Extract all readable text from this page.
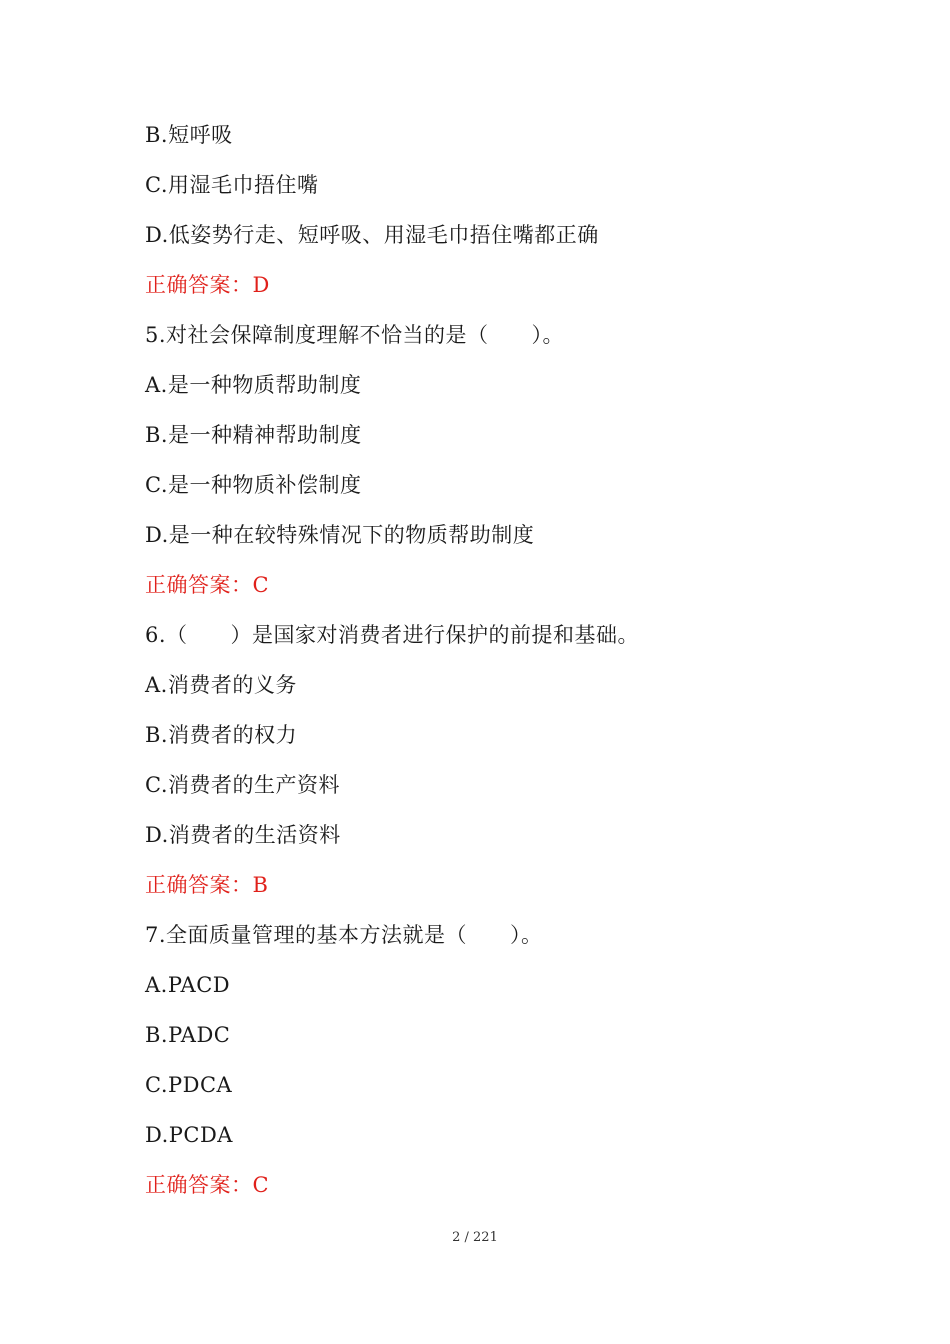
B.短呼吸
C.用湿毛巾捂住嘴
D.低姿势行走、短呼吸、用湿毛巾捂住嘴都正确
正确答案：D
5.对社会保障制度理解不恰当的是（　　）。
A.是一种物质帮助制度
B.是一种精神帮助制度
C.是一种物质补偿制度
D.是一种在较特殊情况下的物质帮助制度
正确答案：C
6.（　　）是国家对消费者进行保护的前提和基础。
A.消费者的义务
B.消费者的权力
C.消费者的生产资料
D.消费者的生活资料
正确答案：B
7.全面质量管理的基本方法就是（　　）。
A.PACD
B.PADC
C.PDCA
D.PCDA
正确答案：C
2 / 221
